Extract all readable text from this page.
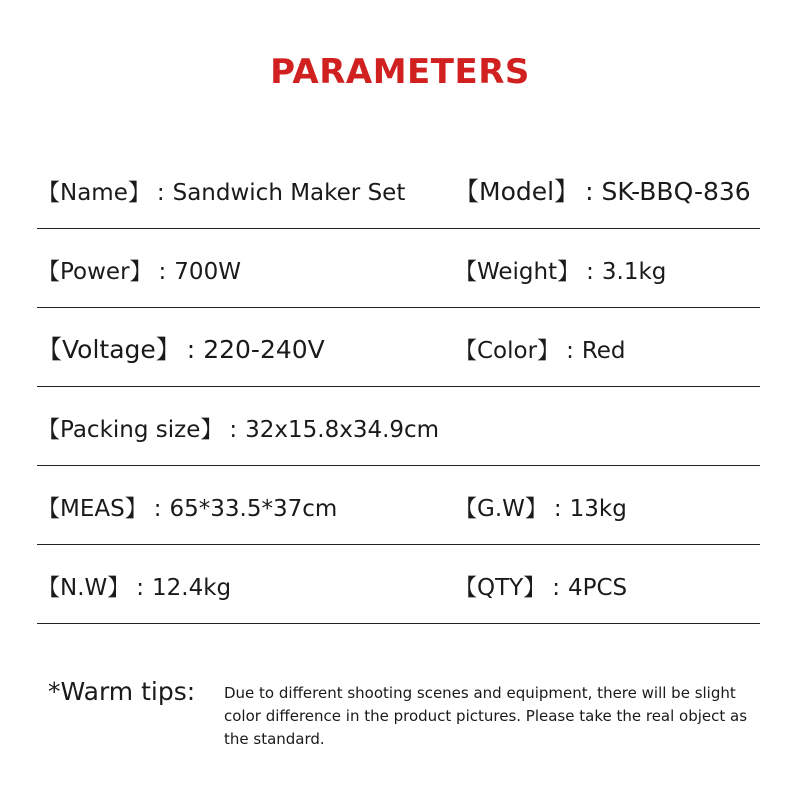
PARAMETERS
【Name】 : Sandwich Maker Set 【Model】 : SK-BBQ-836
【Power】 : 700W	【Weight】 : 3.1kg
【Voltage】 : 220-240V	【Color】 : Red
【Packing size】 : 32x15.8x34.9cm
【MEAS】 : 65*33.5*37cm	【G.W】 : 13kg
【N.W】 : 12.4kg	【QTY】 : 4PCS
*Warm tips: Due to different shooting scenes and equipment, there will be slight color difference in the product pictures. Please take the real object as the standard.
